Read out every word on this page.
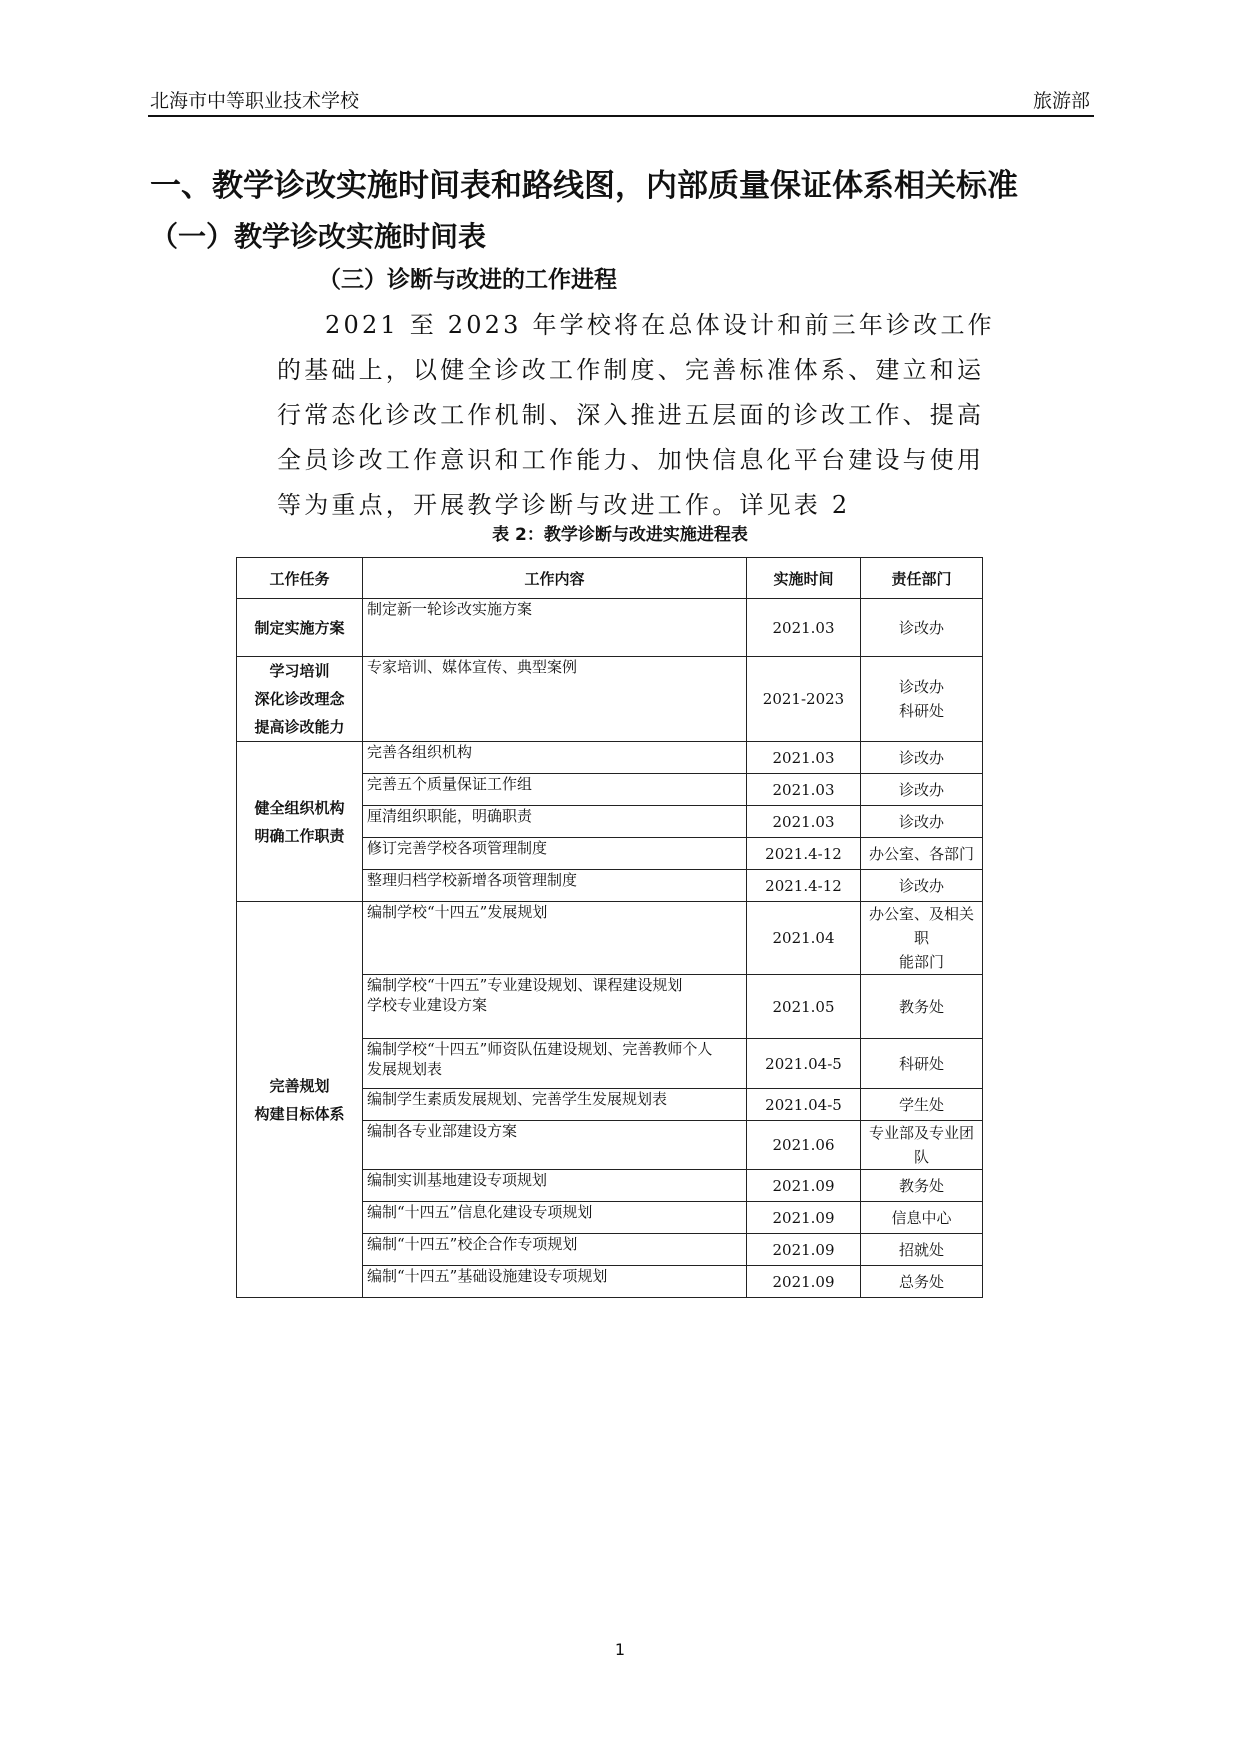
北海市中等职业技术学校	旅游部
一、教学诊改实施时间表和路线图，内部质量保证体系相关标准
（一）教学诊改实施时间表
（三）诊断与改进的工作进程

2021 至 2023 年学校将在总体设计和前三年诊改工作的基础上，以健全诊改工作制度、完善标准体系、建立和运行常态化诊改工作机制、深入推进五层面的诊改工作、提高全员诊改工作意识和工作能力、加快信息化平台建设与使用等为重点，开展教学诊断与改进工作。详见表 2

表 2：教学诊断与改进实施进程表
工作任务	工作内容	实施时间	责任部门

制定实施方案	制定新一轮诊改实施方案	2021.03	诊改办

学习培训
深化诊改理念
提高诊改能力	专家培训、媒体宣传、典型案例	2021-2023	诊改办
科研处

健全组织机构
明确工作职责	完善各组织机构	2021.03	诊改办

	完善五个质量保证工作组	2021.03	诊改办

	厘清组织职能，明确职责	2021.03	诊改办

	修订完善学校各项管理制度	2021.4-12	办公室、各部门

	整理归档学校新增各项管理制度	2021.4-12	诊改办

完善规划
构建目标体系	编制学校“十四五”发展规划	2021.04	办公室、及相关职
能部门

	编制学校“十四五”专业建设规划、课程建设规划
学校专业建设方案	2021.05	教务处

	编制学校“十四五”师资队伍建设规划、完善教师个人
发展规划表	2021.04-5	科研处

	编制学生素质发展规划、完善学生发展规划表	2021.04-5	学生处

	编制各专业部建设方案	2021.06	专业部及专业团
队

	编制实训基地建设专项规划	2021.09	教务处

	编制“十四五”信息化建设专项规划	2021.09	信息中心

	编制“十四五”校企合作专项规划	2021.09	招就处

	编制“十四五”基础设施建设专项规划	2021.09	总务处
1
